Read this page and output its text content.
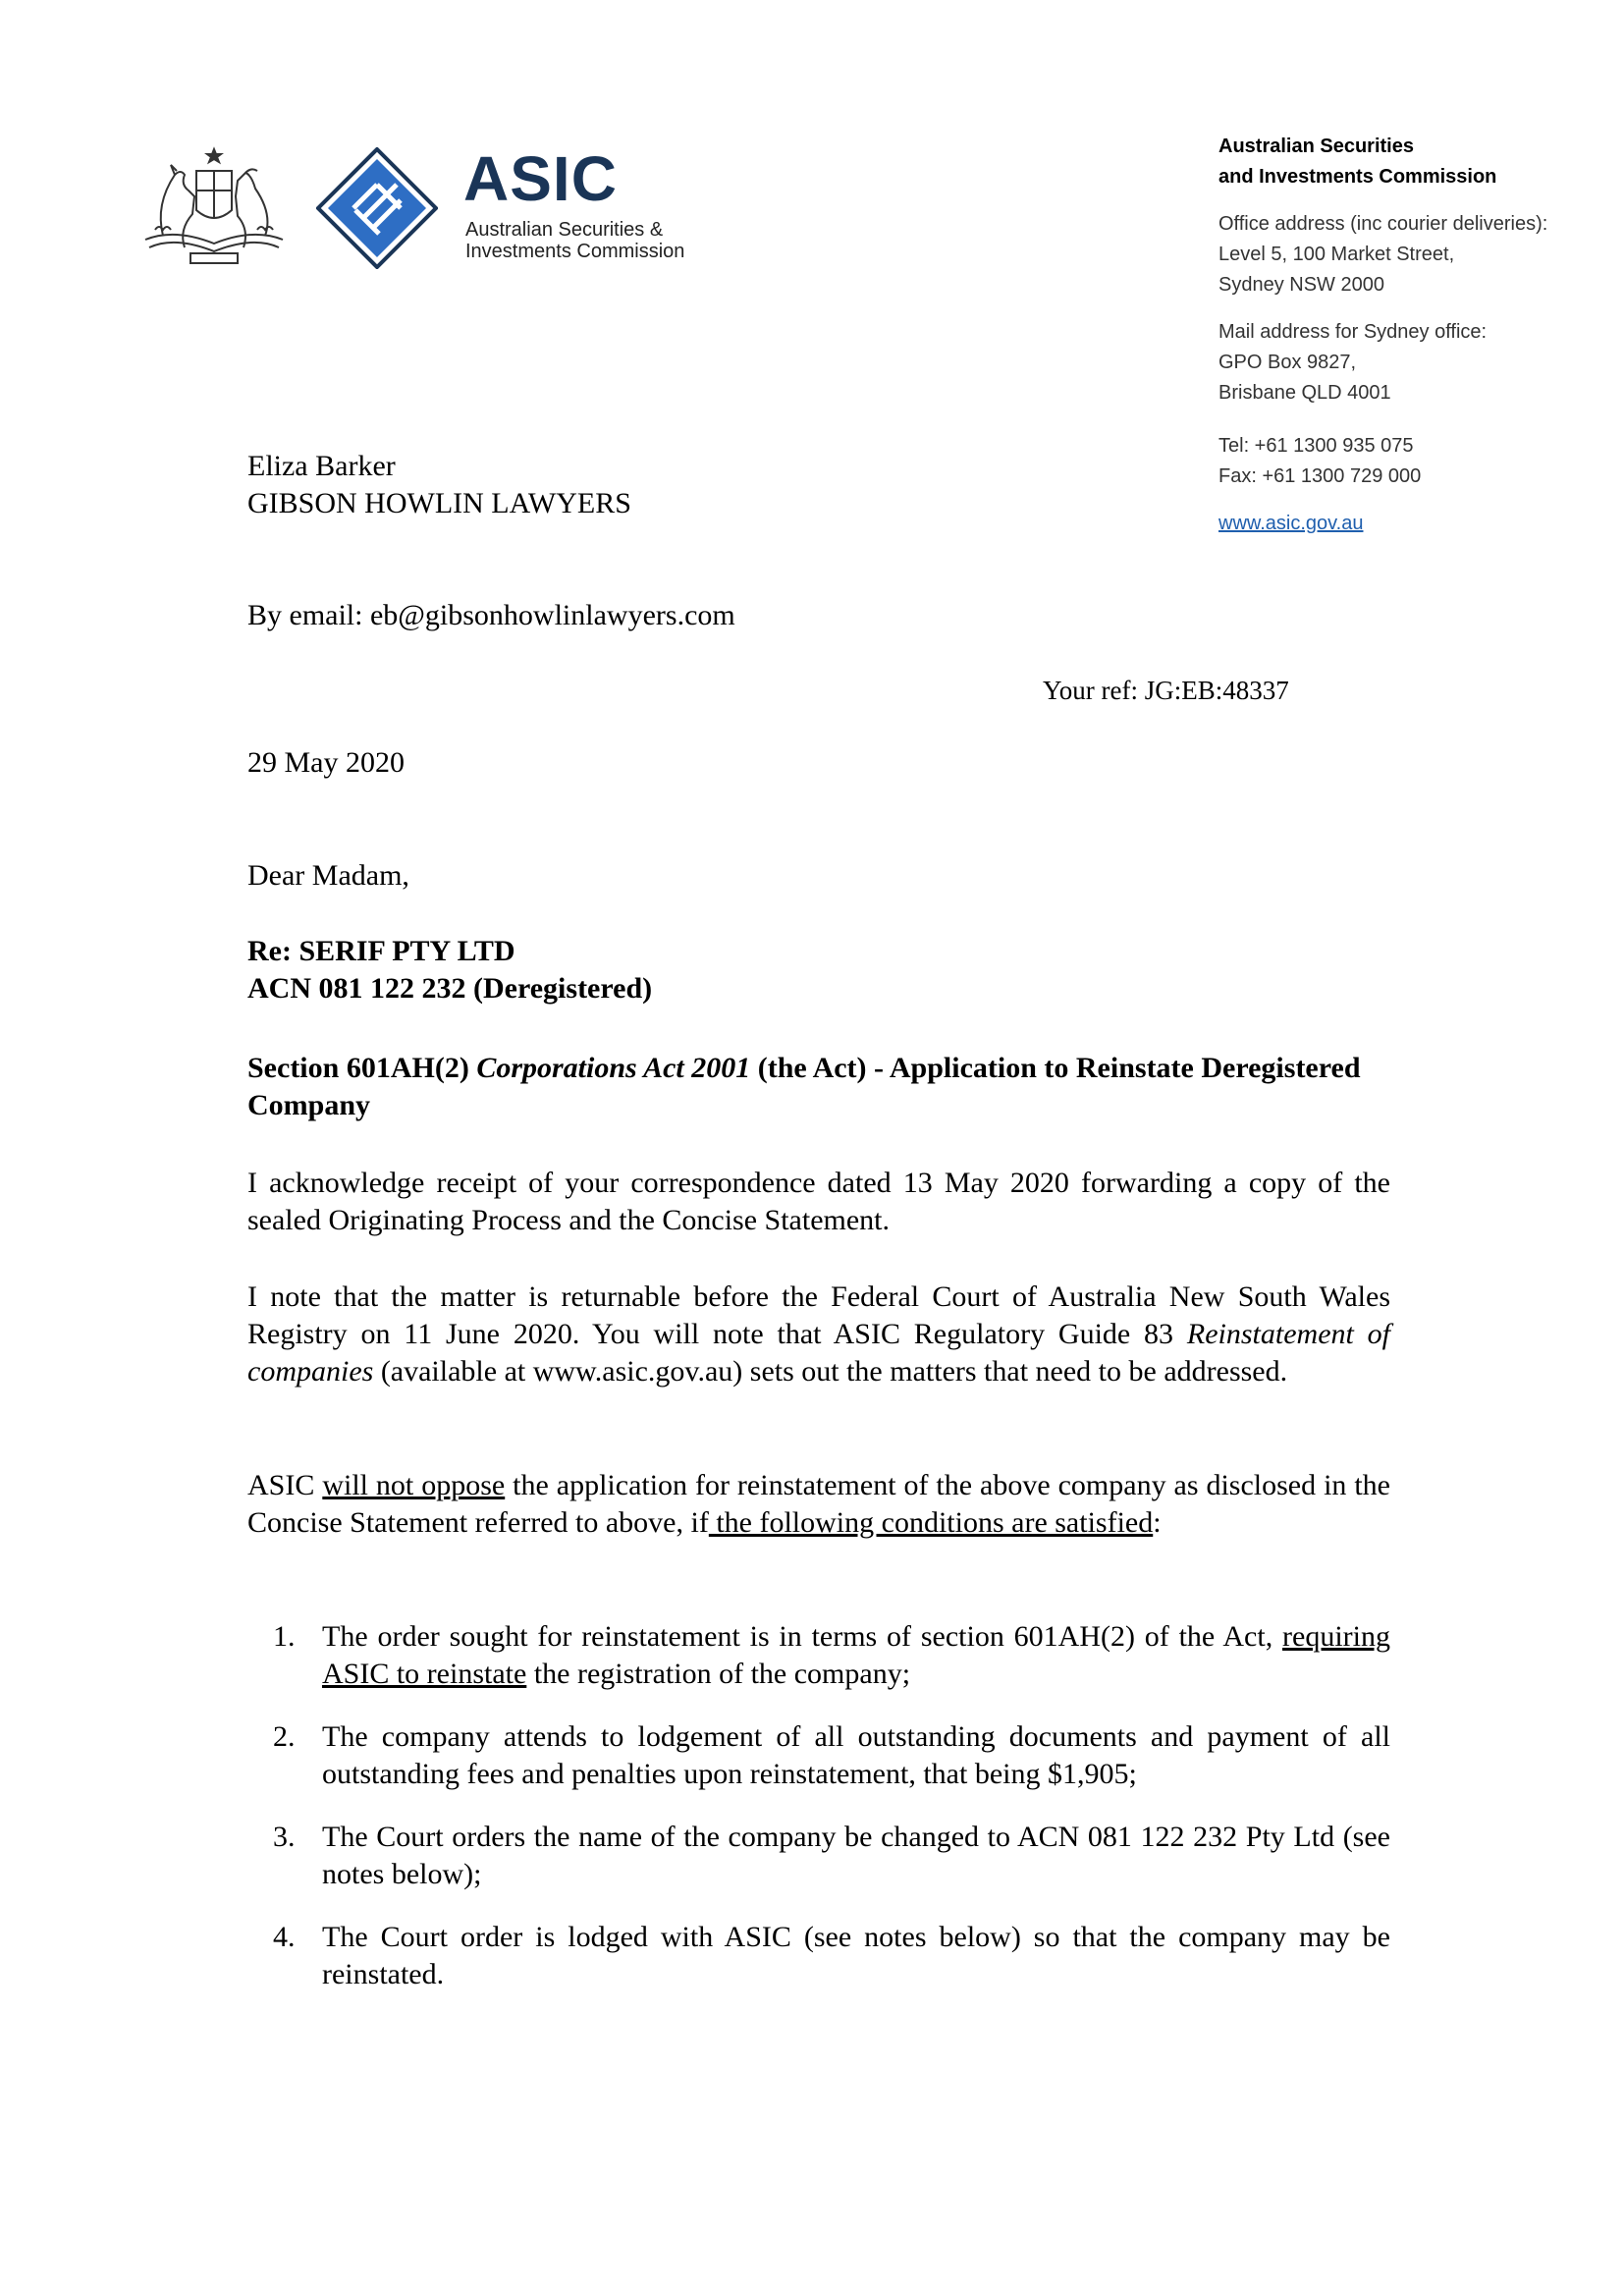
ASIC
Australian Securities &
Investments Commission
Australian Securities
and Investments Commission
Office address (inc courier deliveries):
Level 5, 100 Market Street,
Sydney NSW 2000
Mail address for Sydney office:
GPO Box 9827,
Brisbane QLD 4001
Tel: +61 1300 935 075
Fax: +61 1300 729 000
www.asic.gov.au
Eliza Barker
GIBSON HOWLIN LAWYERS
By email: eb@gibsonhowlinlawyers.com
Your ref: JG:EB:48337
29 May 2020
Dear Madam,
Re: SERIF PTY LTD
ACN 081 122 232 (Deregistered)
Section 601AH(2) Corporations Act 2001 (the Act) - Application to Reinstate Deregistered Company
I acknowledge receipt of your correspondence dated 13 May 2020 forwarding a copy of the sealed Originating Process and the Concise Statement.
I note that the matter is returnable before the Federal Court of Australia New South Wales Registry on 11 June 2020. You will note that ASIC Regulatory Guide 83 Reinstatement of companies (available at www.asic.gov.au) sets out the matters that need to be addressed.
ASIC will not oppose the application for reinstatement of the above company as disclosed in the Concise Statement referred to above, if the following conditions are satisfied:
1. The order sought for reinstatement is in terms of section 601AH(2) of the Act, requiring ASIC to reinstate the registration of the company;
2. The company attends to lodgement of all outstanding documents and payment of all outstanding fees and penalties upon reinstatement, that being $1,905;
3. The Court orders the name of the company be changed to ACN 081 122 232 Pty Ltd (see notes below);
4. The Court order is lodged with ASIC (see notes below) so that the company may be reinstated.
